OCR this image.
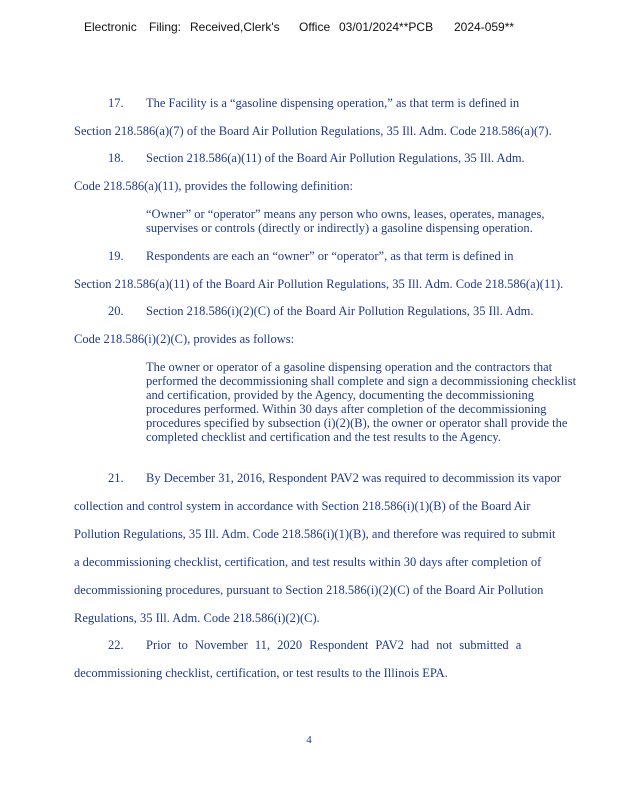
Electronic Filing: Received,Clerk's Office 03/01/2024**PCB 2024-059**
17. The Facility is a “gasoline dispensing operation,” as that term is defined in
Section 218.586(a)(7) of the Board Air Pollution Regulations, 35 Ill. Adm. Code 218.586(a)(7).
18. Section 218.586(a)(11) of the Board Air Pollution Regulations, 35 Ill. Adm.
Code 218.586(a)(11), provides the following definition:
“Owner” or “operator” means any person who owns, leases, operates, manages, supervises or controls (directly or indirectly) a gasoline dispensing operation.
19. Respondents are each an “owner” or “operator”, as that term is defined in
Section 218.586(a)(11) of the Board Air Pollution Regulations, 35 Ill. Adm. Code 218.586(a)(11).
20. Section 218.586(i)(2)(C) of the Board Air Pollution Regulations, 35 Ill. Adm.
Code 218.586(i)(2)(C), provides as follows:
The owner or operator of a gasoline dispensing operation and the contractors that performed the decommissioning shall complete and sign a decommissioning checklist and certification, provided by the Agency, documenting the decommissioning procedures performed. Within 30 days after completion of the decommissioning procedures specified by subsection (i)(2)(B), the owner or operator shall provide the completed checklist and certification and the test results to the Agency.
21. By December 31, 2016, Respondent PAV2 was required to decommission its vapor
collection and control system in accordance with Section 218.586(i)(1)(B) of the Board Air
Pollution Regulations, 35 Ill. Adm. Code 218.586(i)(1)(B), and therefore was required to submit
a decommissioning checklist, certification, and test results within 30 days after completion of
decommissioning procedures, pursuant to Section 218.586(i)(2)(C) of the Board Air Pollution
Regulations, 35 Ill. Adm. Code 218.586(i)(2)(C).
22. Prior to November 11, 2020 Respondent PAV2 had not submitted a
decommissioning checklist, certification, or test results to the Illinois EPA.
4
